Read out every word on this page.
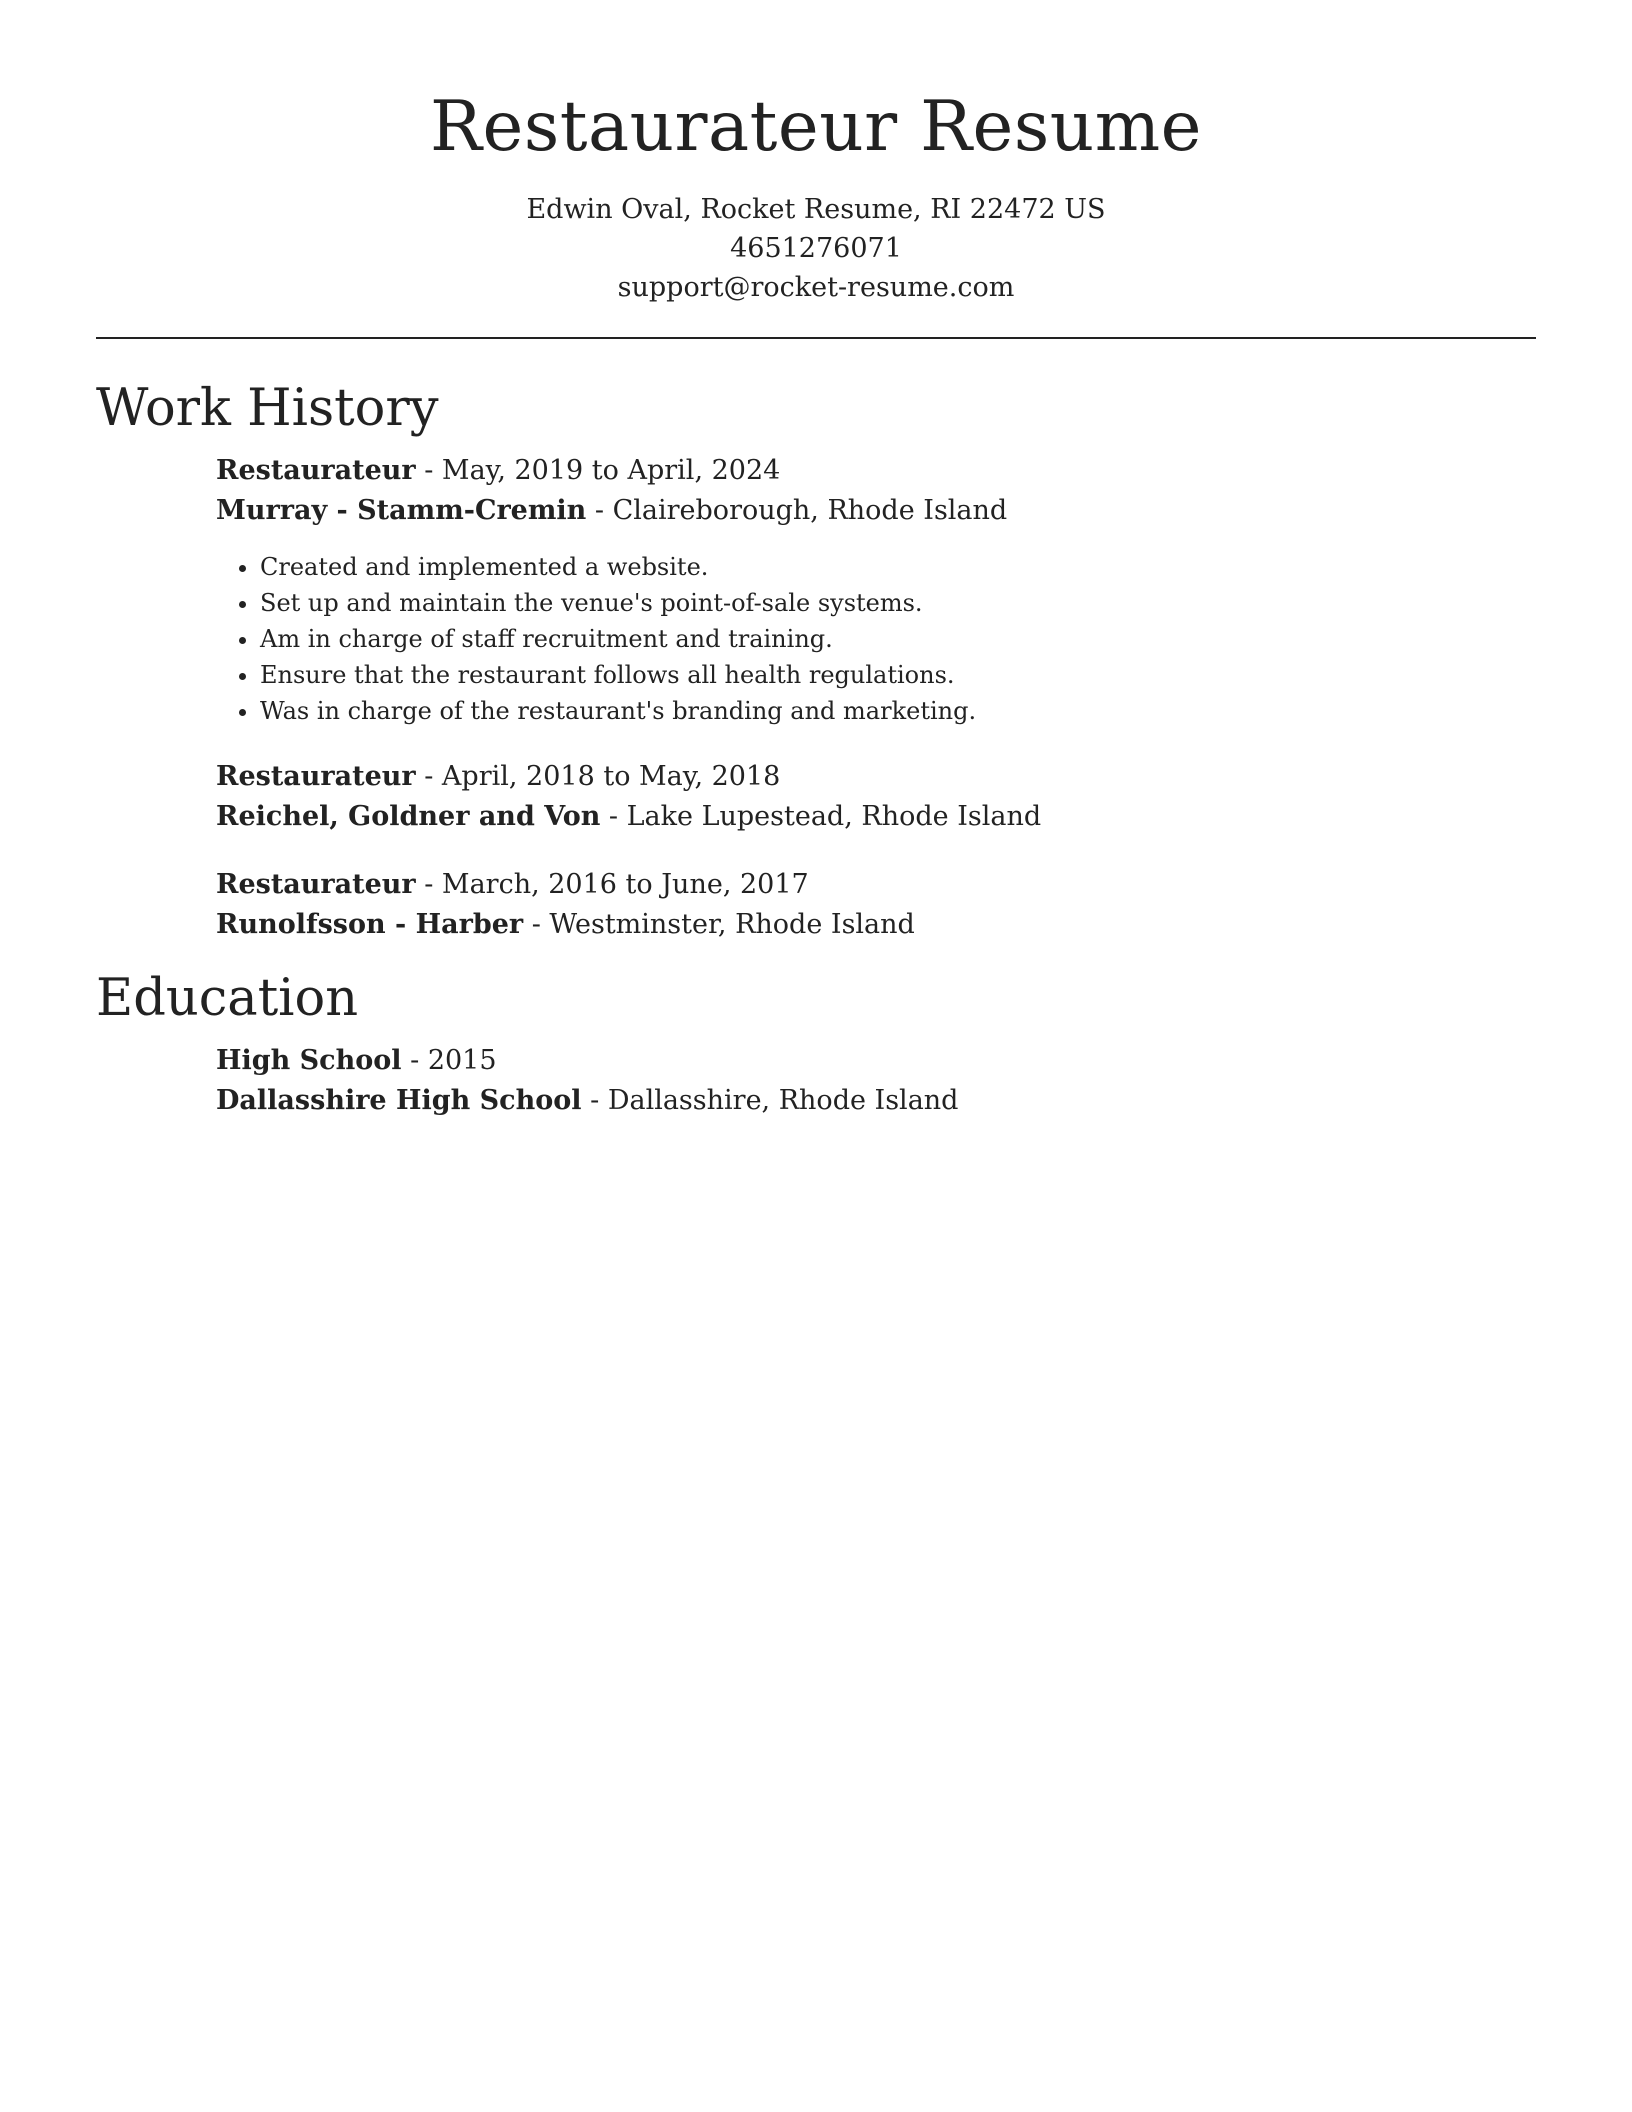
Restaurateur Resume
Edwin Oval, Rocket Resume, RI 22472 US
4651276071
support@rocket-resume.com
Work History
Restaurateur - May, 2019 to April, 2024
Murray - Stamm-Cremin - Claireborough, Rhode Island
• Created and implemented a website.
• Set up and maintain the venue's point-of-sale systems.
• Am in charge of staff recruitment and training.
• Ensure that the restaurant follows all health regulations.
• Was in charge of the restaurant's branding and marketing.
Restaurateur - April, 2018 to May, 2018
Reichel, Goldner and Von - Lake Lupestead, Rhode Island
Restaurateur - March, 2016 to June, 2017
Runolfsson - Harber - Westminster, Rhode Island
Education
High School - 2015
Dallasshire High School - Dallasshire, Rhode Island
